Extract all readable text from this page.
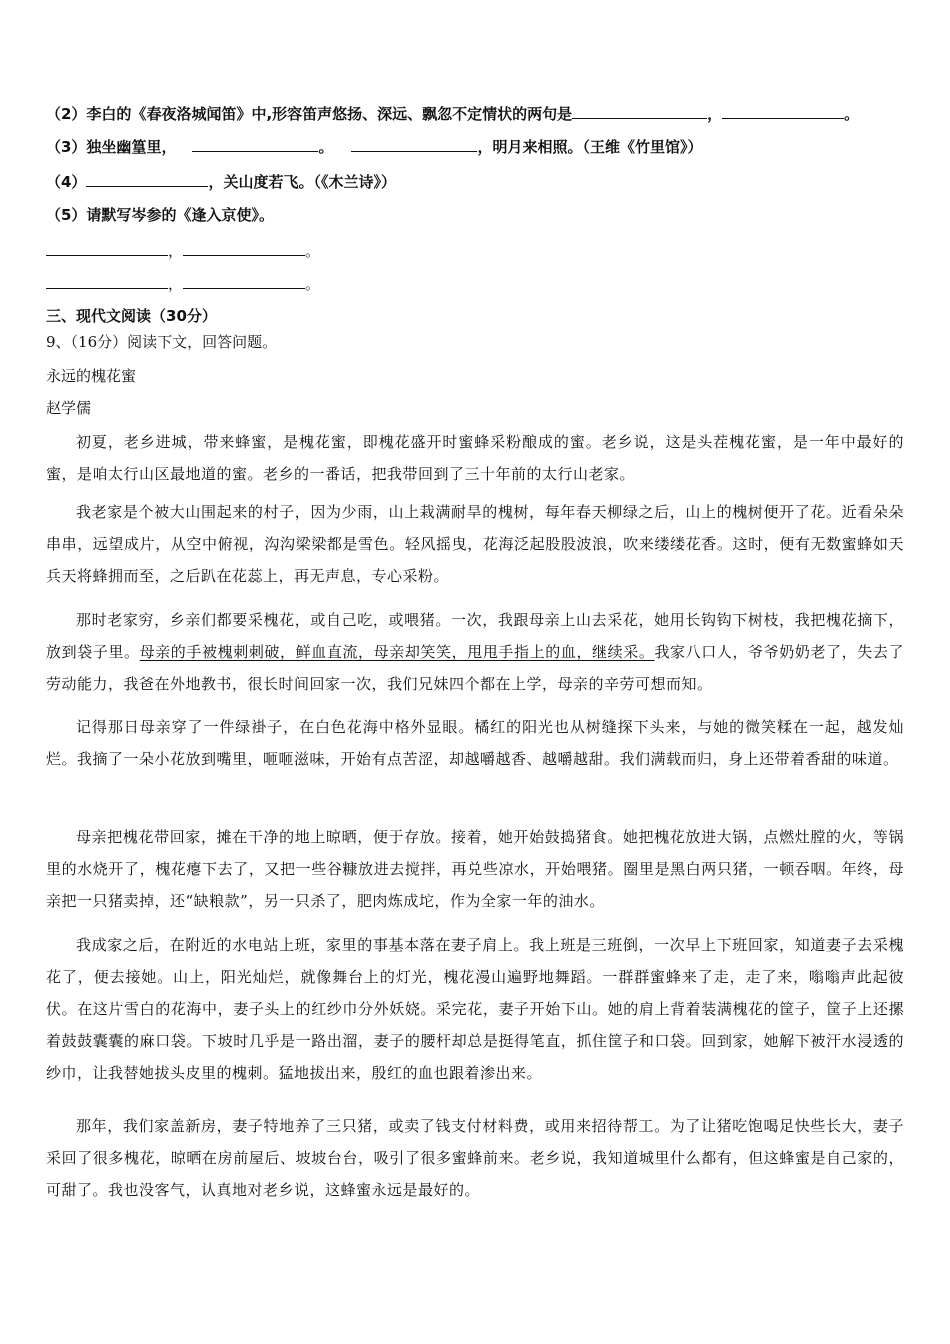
（2）李白的《春夜洛城闻笛》中,形容笛声悠扬、深远、飘忽不定情状的两句是	，	。
（3）独坐幽篁里，	。	，明月来相照。（王维《竹里馆》）
（4）	，关山度若飞。（《木兰诗》）
（5）请默写岑参的《逢入京使》。
，	。
，	。
三、现代文阅读（30分）
9、（16分）阅读下文，回答问题。
永远的槐花蜜
赵学儒
初夏，老乡进城，带来蜂蜜，是槐花蜜，即槐花盛开时蜜蜂采粉酿成的蜜。老乡说，这是头茬槐花蜜，是一年中最好的蜜，是咱太行山区最地道的蜜。老乡的一番话，把我带回到了三十年前的太行山老家。
我老家是个被大山围起来的村子，因为少雨，山上栽满耐旱的槐树，每年春天柳绿之后，山上的槐树便开了花。近看朵朵串串，远望成片，从空中俯视，沟沟梁梁都是雪色。轻风摇曳，花海泛起股股波浪，吹来缕缕花香。这时，便有无数蜜蜂如天兵天将蜂拥而至，之后趴在花蕊上，再无声息，专心采粉。
那时老家穷，乡亲们都要采槐花，或自己吃，或喂猪。一次，我跟母亲上山去采花，她用长钩钩下树枝，我把槐花摘下，放到袋子里。母亲的手被槐刺刺破，鲜血直流，母亲却笑笑，甩甩手指上的血，继续采。我家八口人，爷爷奶奶老了，失去了劳动能力，我爸在外地教书，很长时间回家一次，我们兄妹四个都在上学，母亲的辛劳可想而知。
记得那日母亲穿了一件绿褂子，在白色花海中格外显眼。橘红的阳光也从树缝探下头来，与她的微笑糅在一起，越发灿烂。我摘了一朵小花放到嘴里，咂咂滋味，开始有点苦涩，却越嚼越香、越嚼越甜。我们满载而归，身上还带着香甜的味道。
母亲把槐花带回家，摊在干净的地上晾晒，便于存放。接着，她开始鼓捣猪食。她把槐花放进大锅，点燃灶膛的火，等锅里的水烧开了，槐花瘪下去了，又把一些谷糠放进去搅拌，再兑些凉水，开始喂猪。圈里是黑白两只猪，一顿吞咽。年终，母亲把一只猪卖掉，还“缺粮款”，另一只杀了，肥肉炼成坨，作为全家一年的油水。
我成家之后，在附近的水电站上班，家里的事基本落在妻子肩上。我上班是三班倒，一次早上下班回家，知道妻子去采槐花了，便去接她。山上，阳光灿烂，就像舞台上的灯光，槐花漫山遍野地舞蹈。一群群蜜蜂来了走，走了来，嗡嗡声此起彼伏。在这片雪白的花海中，妻子头上的红纱巾分外妖娆。采完花，妻子开始下山。她的肩上背着装满槐花的筐子，筐子上还摞着鼓鼓囊囊的麻口袋。下坡时几乎是一路出溜，妻子的腰杆却总是挺得笔直，抓住筐子和口袋。回到家，她解下被汗水浸透的纱巾，让我替她拔头皮里的槐刺。猛地拔出来，殷红的血也跟着渗出来。
那年，我们家盖新房，妻子特地养了三只猪，或卖了钱支付材料费，或用来招待帮工。为了让猪吃饱喝足快些长大，妻子采回了很多槐花，晾晒在房前屋后、坡坡台台，吸引了很多蜜蜂前来。老乡说，我知道城里什么都有，但这蜂蜜是自己家的，可甜了。我也没客气，认真地对老乡说，这蜂蜜永远是最好的。
